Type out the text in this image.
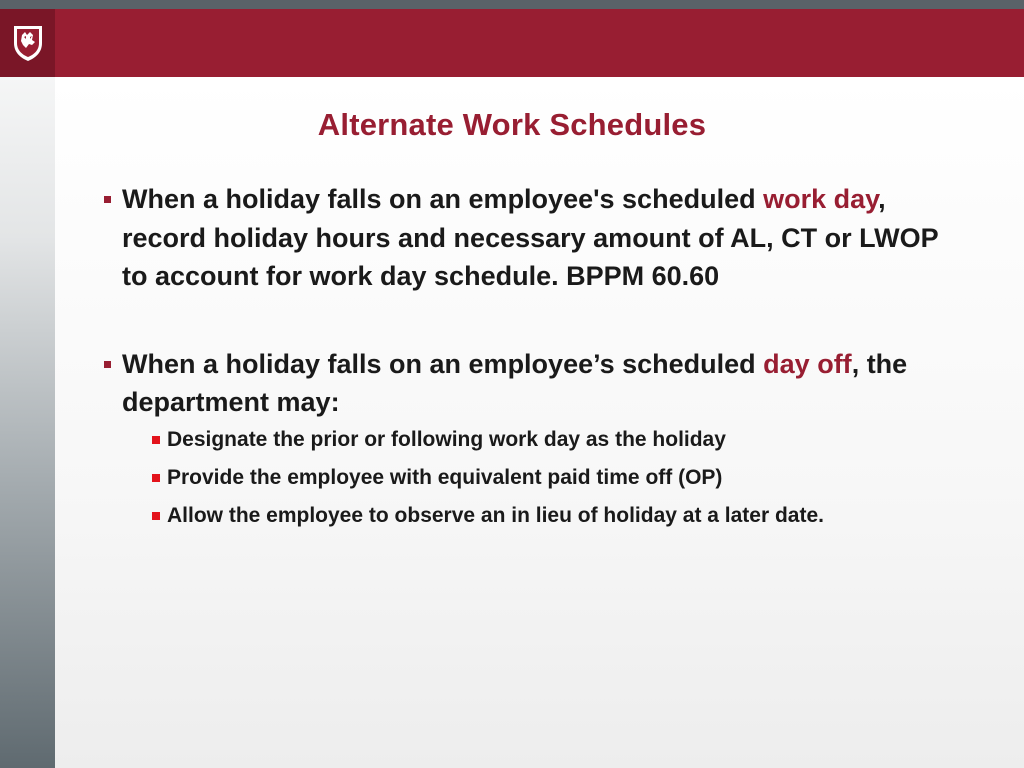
Alternate Work Schedules
When a holiday falls on an employee's scheduled work day, record holiday hours and necessary amount of AL, CT or LWOP to account for work day schedule. BPPM 60.60
When a holiday falls on an employee’s scheduled day off, the department may:
Designate the prior or following work day as the holiday
Provide the employee with equivalent paid time off (OP)
Allow the employee to observe an in lieu of holiday at a later date.
